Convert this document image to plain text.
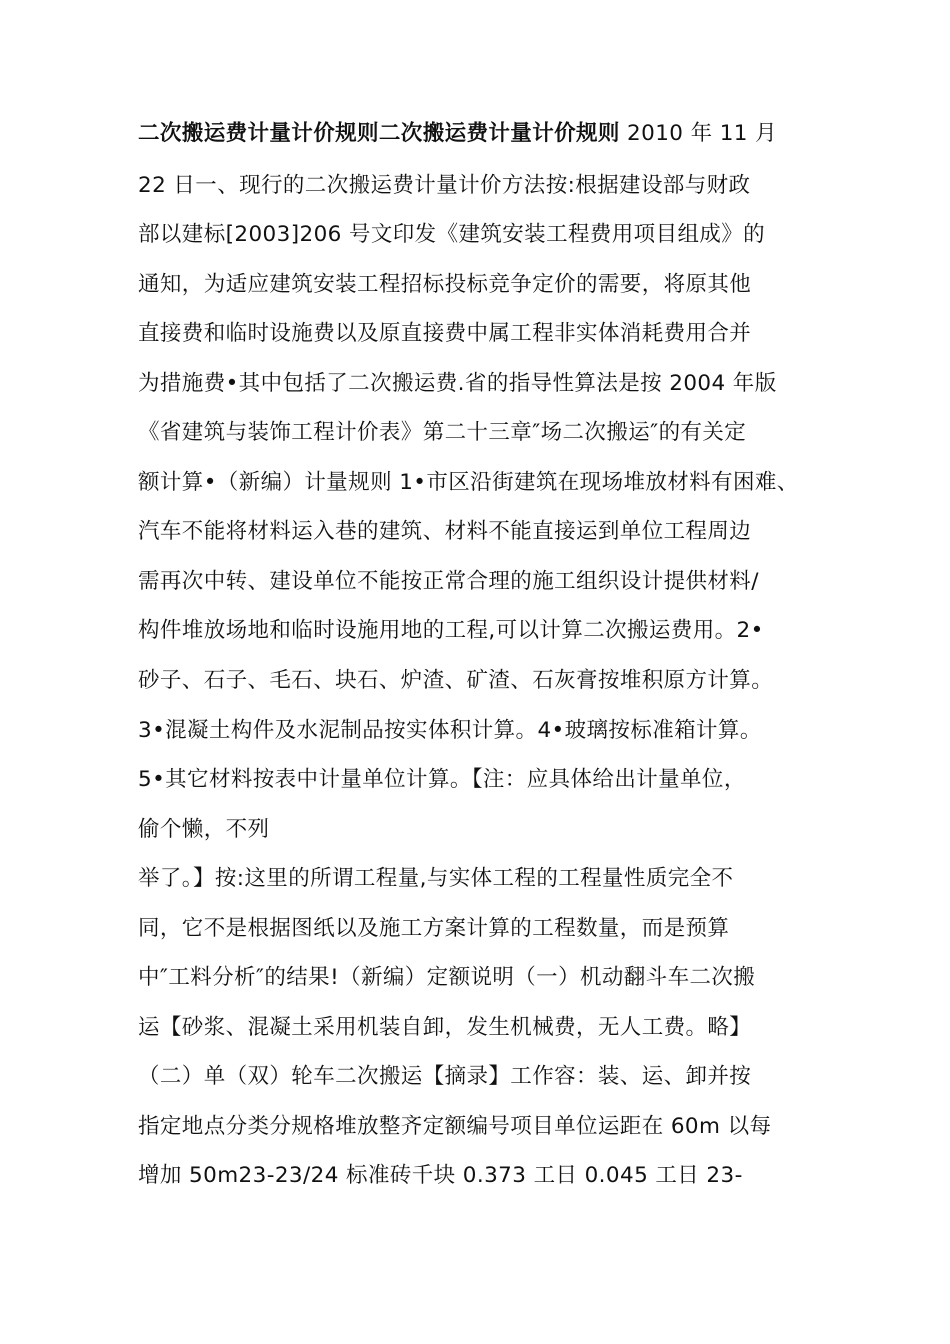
二次搬运费计量计价规则二次搬运费计量计价规则 2010 年 11 月
22 日一、现行的二次搬运费计量计价方法按:根据建设部与财政
部以建标[2003]206 号文印发《建筑安装工程费用项目组成》的
通知，为适应建筑安装工程招标投标竞争定价的需要，将原其他
直接费和临时设施费以及原直接费中属工程非实体消耗费用合并
为措施费•其中包括了二次搬运费.省的指导性算法是按 2004 年版
《省建筑与装饰工程计价表》第二十三章″场二次搬运″的有关定
额计算•（新编）计量规则 1•市区沿街建筑在现场堆放材料有困难、
汽车不能将材料运入巷的建筑、材料不能直接运到单位工程周边
需再次中转、建设单位不能按正常合理的施工组织设计提供材料/
构件堆放场地和临时设施用地的工程,可以计算二次搬运费用。2•
砂子、石子、毛石、块石、炉渣、矿渣、石灰膏按堆积原方计算。
3•混凝土构件及水泥制品按实体积计算。4•玻璃按标准箱计算。
5•其它材料按表中计量单位计算。【注：应具体给出计量单位，
偷个懒，不列
举了。】按:这里的所谓工程量,与实体工程的工程量性质完全不
同，它不是根据图纸以及施工方案计算的工程数量，而是预算
中″工料分析″的结果!（新编）定额说明（一）机动翻斗车二次搬
运【砂浆、混凝土采用机装自卸，发生机械费，无人工费。略】
（二）单（双）轮车二次搬运【摘录】工作容：装、运、卸并按
指定地点分类分规格堆放整齐定额编号项目单位运距在 60m 以每
增加 50m23-23/24 标准砖千块 0.373 工日 0.045 工日 23-
